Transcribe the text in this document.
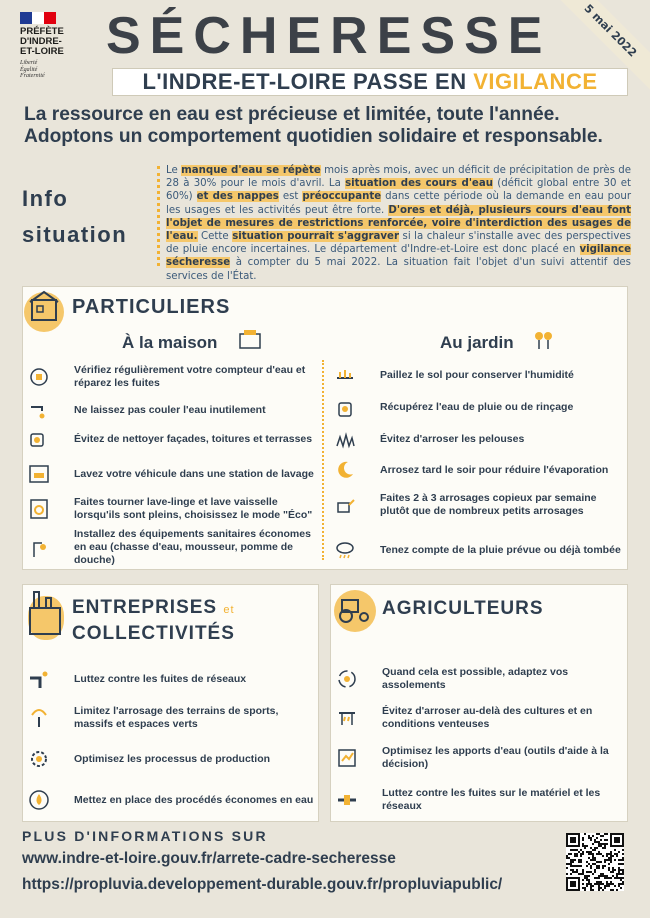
5 mai 2022
PRÉFÈTE
D'INDRE-
ET-LOIRE
Liberté
Égalité
Fraternité
SÉCHERESSE
L'INDRE-ET-LOIRE PASSE EN VIGILANCE
La ressource en eau est précieuse et limitée, toute l'année.
Adoptons un comportement quotidien solidaire et responsable.
Info
situation
Le manque d'eau se répète mois après mois, avec un déficit de précipitation de près de 28 à 30% pour le mois d'avril. La situation des cours d'eau (déficit global entre 30 et 60%) et des nappes est préoccupante dans cette période où la demande en eau pour les usages et les activités peut être forte. D'ores et déjà, plusieurs cours d'eau font l'objet de mesures de restrictions renforcée, voire d'interdiction des usages de l'eau. Cette situation pourrait s'aggraver si la chaleur s'installe avec des perspectives de pluie encore incertaines. Le département d'Indre-et-Loire est donc placé en vigilance sécheresse à compter du 5 mai 2022. La situation fait l'objet d'un suivi attentif des services de l'État.
PARTICULIERS
À la maison	Au jardin
Vérifiez régulièrement votre compteur d'eau et réparez les fuites
Ne laissez pas couler l'eau inutilement
Évitez de nettoyer façades, toitures et terrasses
Lavez votre véhicule dans une station de lavage
Faites tourner lave-linge et lave vaisselle lorsqu'ils sont pleins, choisissez le mode "Éco"
Installez des équipements sanitaires économes en eau (chasse d'eau, mousseur, pomme de douche)
Paillez le sol pour conserver l'humidité
Récupérez l'eau de pluie ou de rinçage
Évitez d'arroser les pelouses
Arrosez tard le soir pour réduire l'évaporation
Faites 2 à 3 arrosages copieux par semaine plutôt que de nombreux petits arrosages
Tenez compte de la pluie prévue ou déjà tombée
ENTREPRISES et
COLLECTIVITÉS
Luttez contre les fuites de réseaux
Limitez l'arrosage des terrains de sports, massifs et espaces verts
Optimisez les processus de production
Mettez en place des procédés économes en eau
AGRICULTEURS
Quand cela est possible, adaptez vos assolements
Évitez d'arroser au-delà des cultures et en conditions venteuses
Optimisez les apports d'eau (outils d'aide à la décision)
Luttez contre les fuites sur le matériel et les réseaux
PLUS D'INFORMATIONS SUR
www.indre-et-loire.gouv.fr/arrete-cadre-secheresse
https://propluvia.developpement-durable.gouv.fr/propluviapublic/
